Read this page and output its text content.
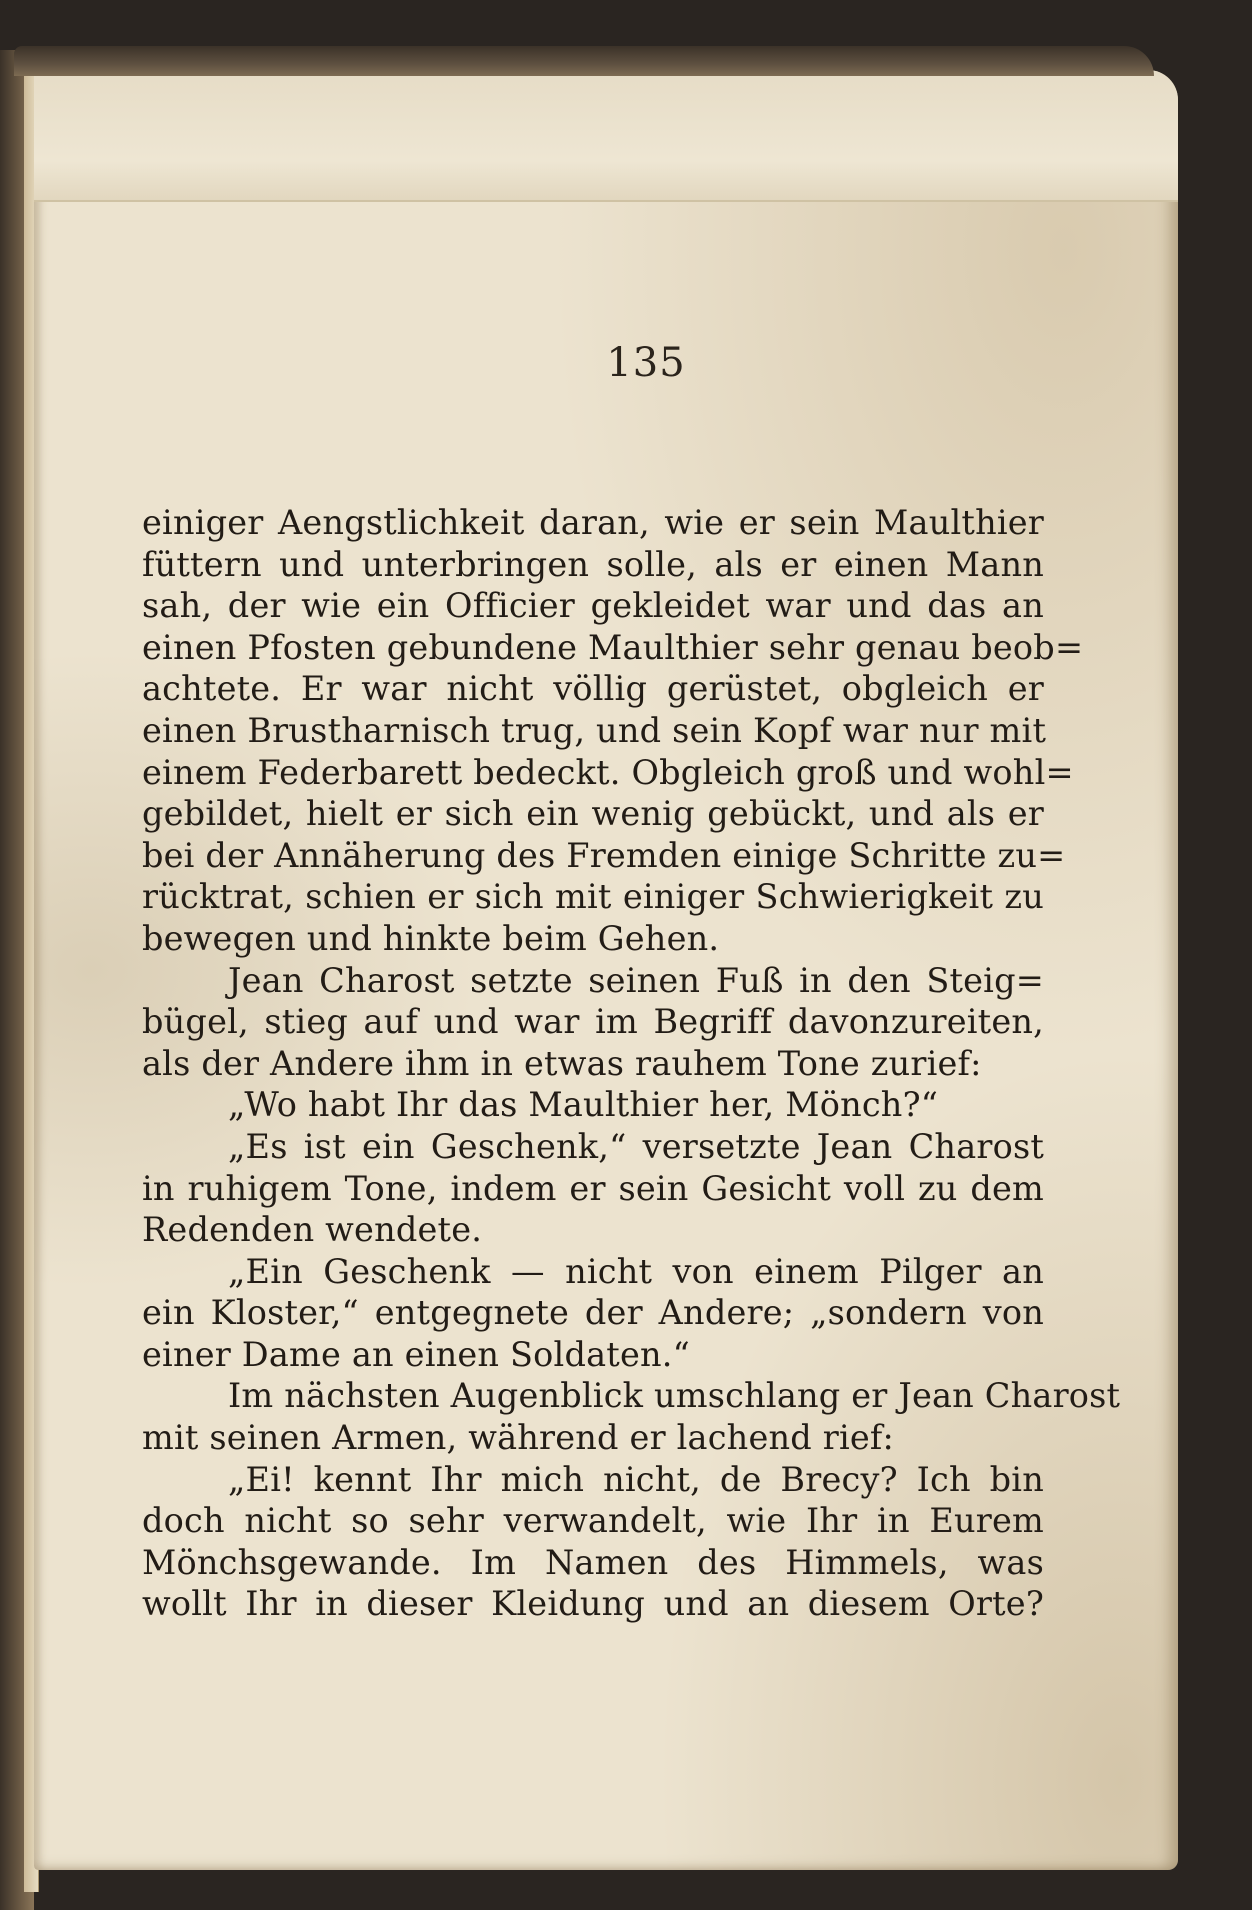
135
einiger Aengstlichkeit daran, wie er sein Maulthier
füttern und unterbringen solle, als er einen Mann
sah, der wie ein Officier gekleidet war und das an
einen Pfosten gebundene Maulthier sehr genau beob=
achtete. Er war nicht völlig gerüstet, obgleich er
einen Brustharnisch trug, und sein Kopf war nur mit
einem Federbarett bedeckt. Obgleich groß und wohl=
gebildet, hielt er sich ein wenig gebückt, und als er
bei der Annäherung des Fremden einige Schritte zu=
rücktrat, schien er sich mit einiger Schwierigkeit zu
bewegen und hinkte beim Gehen.
Jean Charost setzte seinen Fuß in den Steig=
bügel, stieg auf und war im Begriff davonzureiten,
als der Andere ihm in etwas rauhem Tone zurief:
„Wo habt Ihr das Maulthier her, Mönch?“
„Es ist ein Geschenk,“ versetzte Jean Charost
in ruhigem Tone, indem er sein Gesicht voll zu dem
Redenden wendete.
„Ein Geschenk — nicht von einem Pilger an
ein Kloster,“ entgegnete der Andere; „sondern von
einer Dame an einen Soldaten.“
Im nächsten Augenblick umschlang er Jean Charost
mit seinen Armen, während er lachend rief:
„Ei! kennt Ihr mich nicht, de Brecy? Ich bin
doch nicht so sehr verwandelt, wie Ihr in Eurem
Mönchsgewande. Im Namen des Himmels, was
wollt Ihr in dieser Kleidung und an diesem Orte?
